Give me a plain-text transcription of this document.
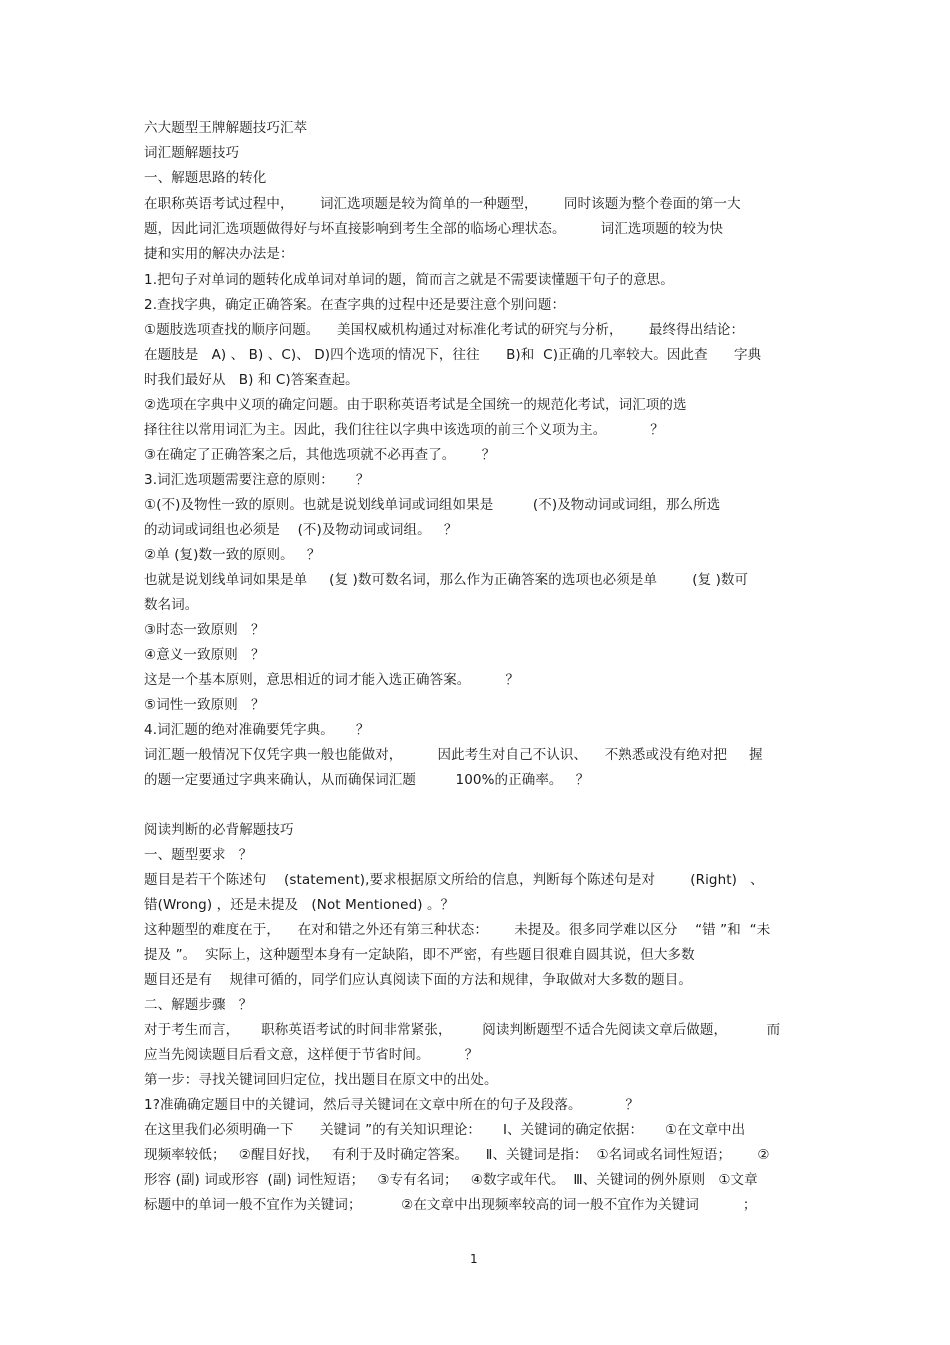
六大题型王牌解题技巧汇萃
词汇题解题技巧
一、解题思路的转化
在职称英语考试过程中，      词汇选项题是较为简单的一种题型，      同时该题为整个卷面的第一大
题，因此词汇选项题做得好与坏直接影响到考生全部的临场心理状态。        词汇选项题的较为快
捷和实用的解决办法是：
1.把句子对单词的题转化成单词对单词的题，简而言之就是不需要读懂题干句子的意思。
2.查找字典，确定正确答案。在查字典的过程中还是要注意个别问题：
①题肢选项查找的顺序问题。    美国权威机构通过对标准化考试的研究与分析，      最终得出结论：
在题肢是   A) 、 B) 、C)、 D)四个选项的情况下，往往      B)和  C)正确的几率较大。因此查      字典
时我们最好从   B) 和 C)答案查起。
②选项在字典中义项的确定问题。由于职称英语考试是全国统一的规范化考试，词汇项的选
择往往以常用词汇为主。因此，我们往往以字典中该选项的前三个义项为主。          ？
③在确定了正确答案之后，其他选项就不必再查了。      ？
3.词汇选项题需要注意的原则：     ？
①(不)及物性一致的原则。也就是说划线单词或词组如果是         (不)及物动词或词组，那么所选
的动词或词组也必须是    (不)及物动词或词组。   ？
②单 (复)数一致的原则。   ？
也就是说划线单词如果是单     (复 )数可数名词，那么作为正确答案的选项也必须是单        (复 )数可
数名词。
③时态一致原则   ？
④意义一致原则   ？
这是一个基本原则，意思相近的词才能入选正确答案。        ？
⑤词性一致原则   ？
4.词汇题的绝对准确要凭字典。     ？
词汇题一般情况下仅凭字典一般也能做对，        因此考生对自己不认识、    不熟悉或没有绝对把     握
的题一定要通过字典来确认，从而确保词汇题         100%的正确率。   ？
阅读判断的必背解题技巧
一、题型要求   ？
题目是若干个陈述句    (statement),要求根据原文所给的信息，判断每个陈述句是对        (Right)   、
错(Wrong) ，还是未提及   (Not Mentioned) 。？
这种题型的难度在于，    在对和错之外还有第三种状态：      未提及。很多同学难以区分    “错 ”和  “未
提及 ”。  实际上，这种题型本身有一定缺陷，即不严密，有些题目很难自圆其说，但大多数
题目还是有    规律可循的，同学们应认真阅读下面的方法和规律，争取做对大多数的题目。
二、解题步骤   ？
对于考生而言，     职称英语考试的时间非常紧张，       阅读判断题型不适合先阅读文章后做题，         而
应当先阅读题目后看文意，这样便于节省时间。        ？
第一步：寻找关键词回归定位，找出题目在原文中的出处。
1?准确确定题目中的关键词，然后寻关键词在文章中所在的句子及段落。          ？
在这里我们必须明确一下      关键词 ”的有关知识理论：     Ⅰ、关键词的确定依据：     ①在文章中出
现频率较低；   ②醒目好找，   有利于及时确定答案。    Ⅱ、关键词是指：  ①名词或名词性短语；      ②
形容 (副) 词或形容  (副) 词性短语；   ③专有名词；   ④数字或年代。  Ⅲ、关键词的例外原则   ①文章
标题中的单词一般不宜作为关键词；         ②在文章中出现频率较高的词一般不宜作为关键词          ；
1
